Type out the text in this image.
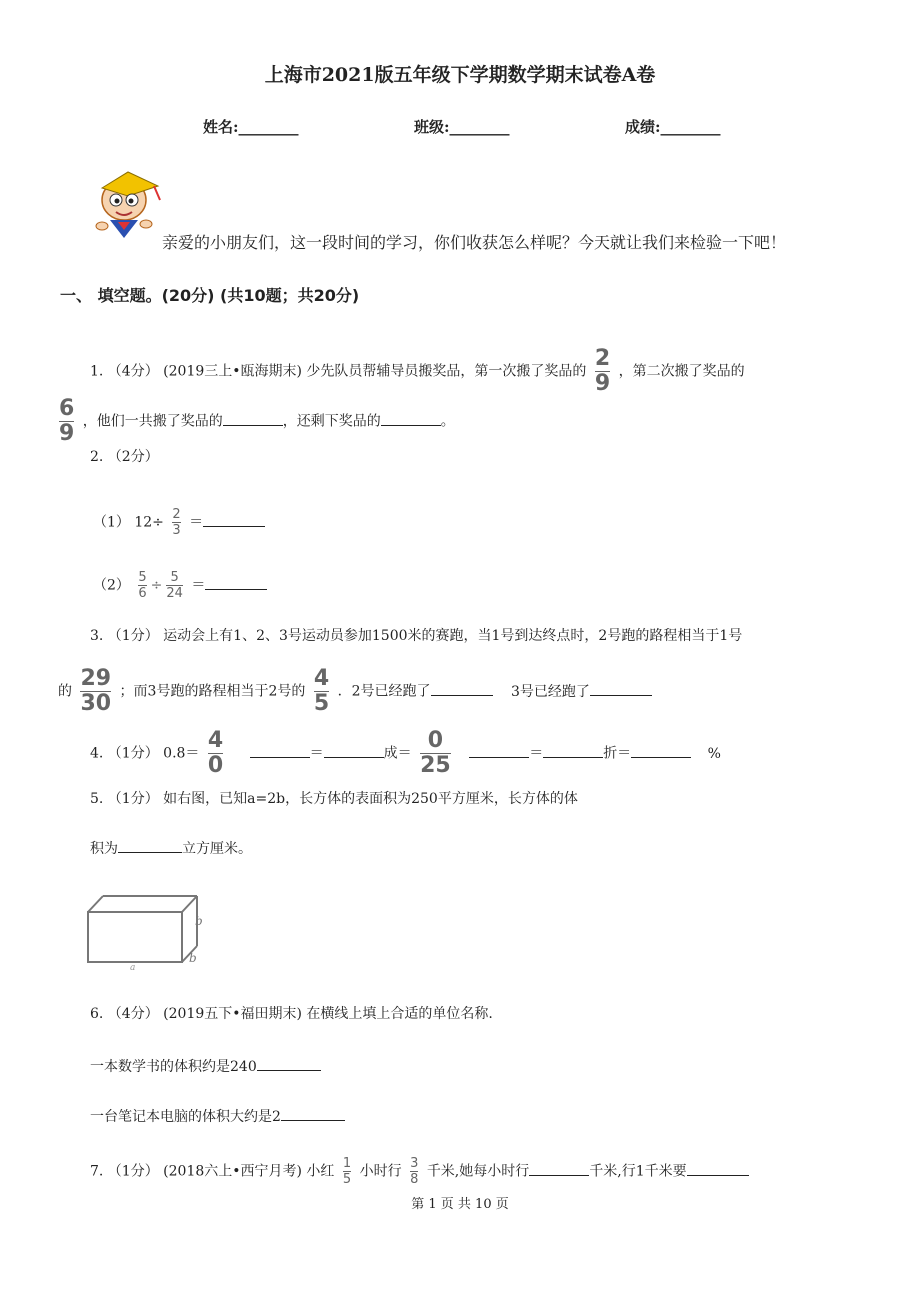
上海市2021版五年级下学期数学期末试卷A卷
姓名:________	班级:________	成绩:________
亲爱的小朋友们，这一段时间的学习，你们收获怎么样呢？今天就让我们来检验一下吧！
一、 填空题。(20分) (共10题；共20分)
1. （4分） (2019三上•瓯海期末) 少先队员帮辅导员搬奖品，第一次搬了奖品的 $\frac{2}{9}$ ，第二次搬了奖品的
$\frac{6}{9}$ ，他们一共搬了奖品的	，还剩下奖品的	。
2. （2分）
（1） $12\div \frac{2}{3}$ ＝
$(2) \frac{5}{6} \div \frac{5}{24}$ ＝
3. （1分） 运动会上有1、2、3号运动员参加1500米的赛跑，当1号到达终点时，2号跑的路程相当于1号
的 $\frac{29}{30}$ ；而3号跑的路程相当于2号的 $\frac{4}{5}$ ．2号已经跑了	3号已经跑了
4. （1分） $0.8= \frac{4}{0}$	＝	成＝ $\frac{0}{25}$	＝	折＝	%
5. （1分） 如右图，已知a=2b，长方体的表面积为250平方厘米，长方体的体
积为	立方厘米。
b
b
a
6. （4分） (2019五下•福田期末) 在横线上填上合适的单位名称.
一本数学书的体积约是240
一台笔记本电脑的体积大约是2
7. （1分） (2018六上•西宁月考) 小红 $\frac{1}{5}$ 小时行 $\frac{3}{8}$ 千米,她每小时行	千米,行1千米要
第 1 页 共 10 页
